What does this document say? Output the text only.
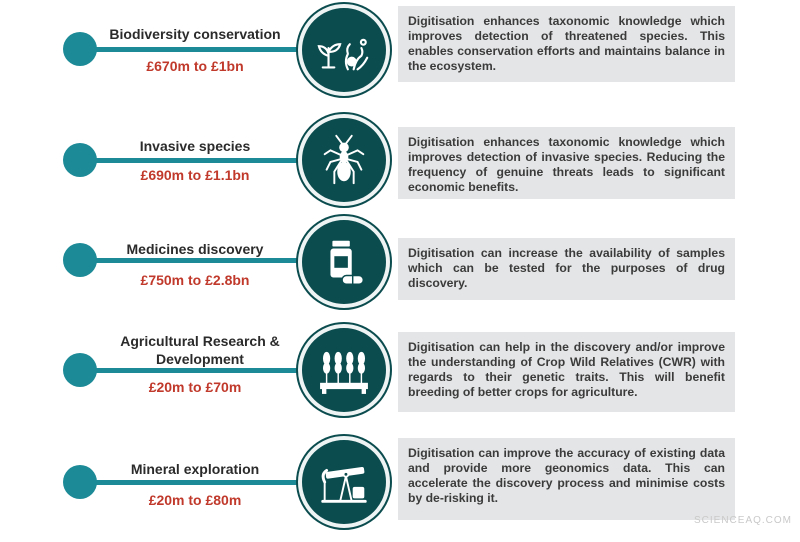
Biodiversity conservation
£670m to £1bn
Digitisation enhances taxonomic knowledge which improves detection of threatened species. This enables conservation efforts and maintains balance in the ecosystem.
Invasive species
£690m to £1.1bn
Digitisation enhances taxonomic knowledge which improves detection of invasive species. Reducing the frequency of genuine threats leads to significant economic benefits.
Medicines discovery
£750m to £2.8bn
Digitisation can increase the availability of samples which can be tested for the purposes of drug discovery.
Agricultural Research & Development
£20m to £70m
Digitisation can help in the discovery and/or improve the understanding of Crop Wild Relatives (CWR) with regards to their genetic traits. This will benefit breeding of better crops for agriculture.
Mineral exploration
£20m to £80m
Digitisation can improve the accuracy of existing data and provide more geonomics data. This can accelerate the discovery process and minimise costs by de-risking it.
SCIENCEAQ.COM
